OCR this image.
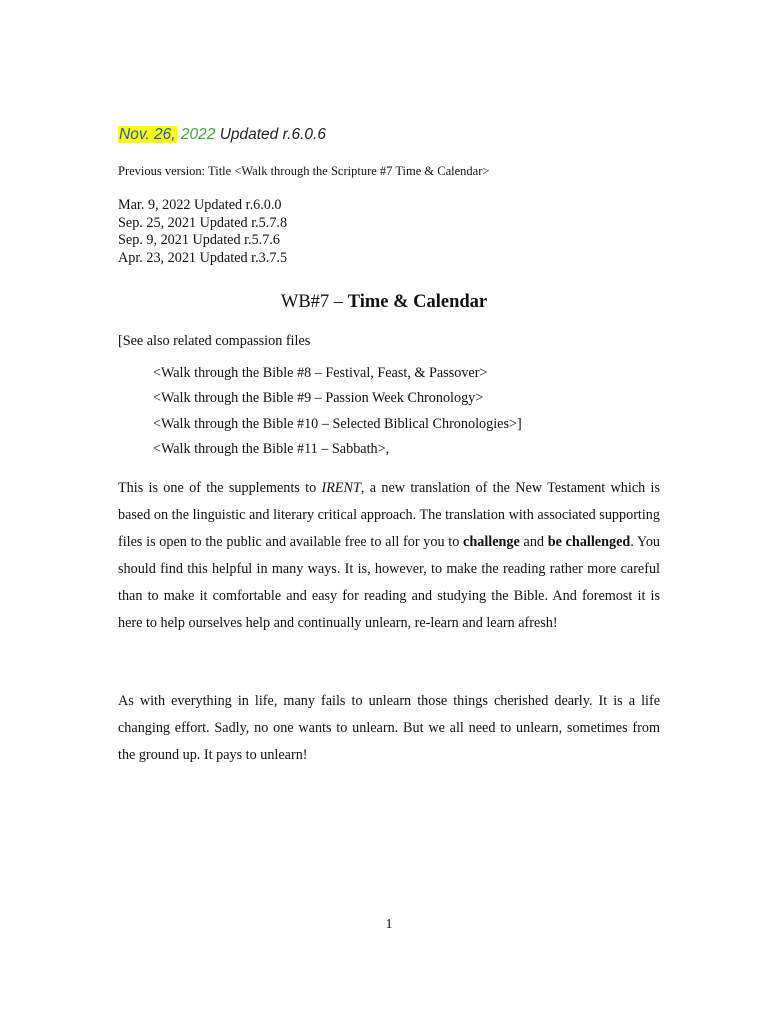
Nov. 26, 2022 Updated r.6.0.6
Previous version: Title <Walk through the Scripture #7 Time & Calendar>
Mar. 9, 2022 Updated r.6.0.0
Sep. 25, 2021 Updated r.5.7.8
Sep. 9, 2021 Updated r.5.7.6
Apr. 23, 2021 Updated r.3.7.5
WB#7 – Time & Calendar
[See also related compassion files
<Walk through the Bible #8 – Festival, Feast, & Passover>
<Walk through the Bible #9 – Passion Week Chronology>
<Walk through the Bible #10 – Selected Biblical Chronologies>]
<Walk through the Bible #11 – Sabbath>,

This is one of the supplements to IRENT, a new translation of the New Testament which is based on the linguistic and literary critical approach. The translation with associated supporting files is open to the public and available free to all for you to challenge and be challenged. You should find this helpful in many ways. It is, however, to make the reading rather more careful than to make it comfortable and easy for reading and studying the Bible. And foremost it is here to help ourselves help and continually unlearn, re-learn and learn afresh!

As with everything in life, many fails to unlearn those things cherished dearly. It is a life changing effort. Sadly, no one wants to unlearn. But we all need to unlearn, sometimes from the ground up. It pays to unlearn!

1
